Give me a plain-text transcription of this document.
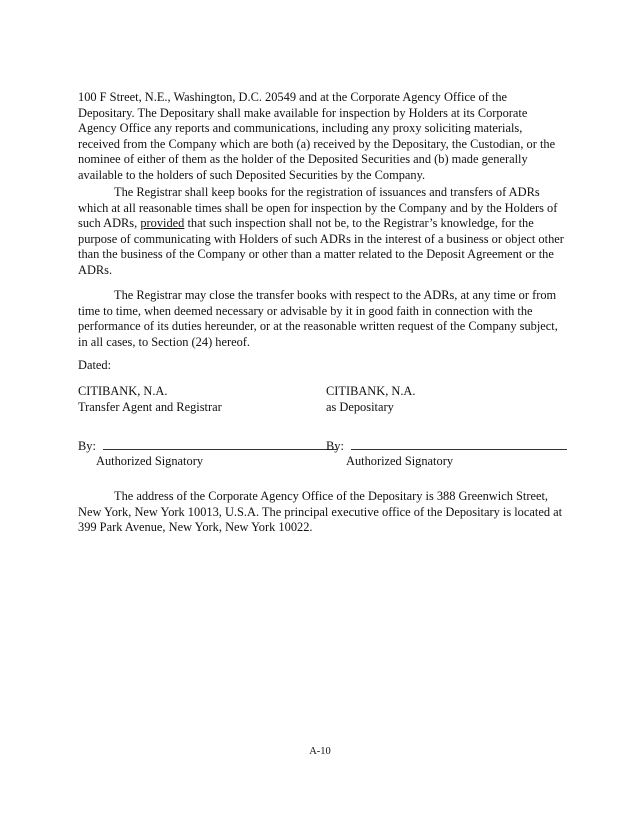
100 F Street, N.E., Washington, D.C. 20549 and at the Corporate Agency Office of the Depositary. The Depositary shall make available for inspection by Holders at its Corporate Agency Office any reports and communications, including any proxy soliciting materials, received from the Company which are both (a) received by the Depositary, the Custodian, or the nominee of either of them as the holder of the Deposited Securities and (b) made generally available to the holders of such Deposited Securities by the Company.

The Registrar shall keep books for the registration of issuances and transfers of ADRs which at all reasonable times shall be open for inspection by the Company and by the Holders of such ADRs, provided that such inspection shall not be, to the Registrar’s knowledge, for the purpose of communicating with Holders of such ADRs in the interest of a business or object other than the business of the Company or other than a matter related to the Deposit Agreement or the ADRs.

The Registrar may close the transfer books with respect to the ADRs, at any time or from time to time, when deemed necessary or advisable by it in good faith in connection with the performance of its duties hereunder, or at the reasonable written request of the Company subject, in all cases, to Section (24) hereof.

Dated:

CITIBANK, N.A.
Transfer Agent and Registrar
By:
Authorized Signatory
CITIBANK, N.A.
as Depositary
By:
Authorized Signatory

The address of the Corporate Agency Office of the Depositary is 388 Greenwich Street, New York, New York 10013, U.S.A. The principal executive office of the Depositary is located at 399 Park Avenue, New York, New York 10022.

A-10
